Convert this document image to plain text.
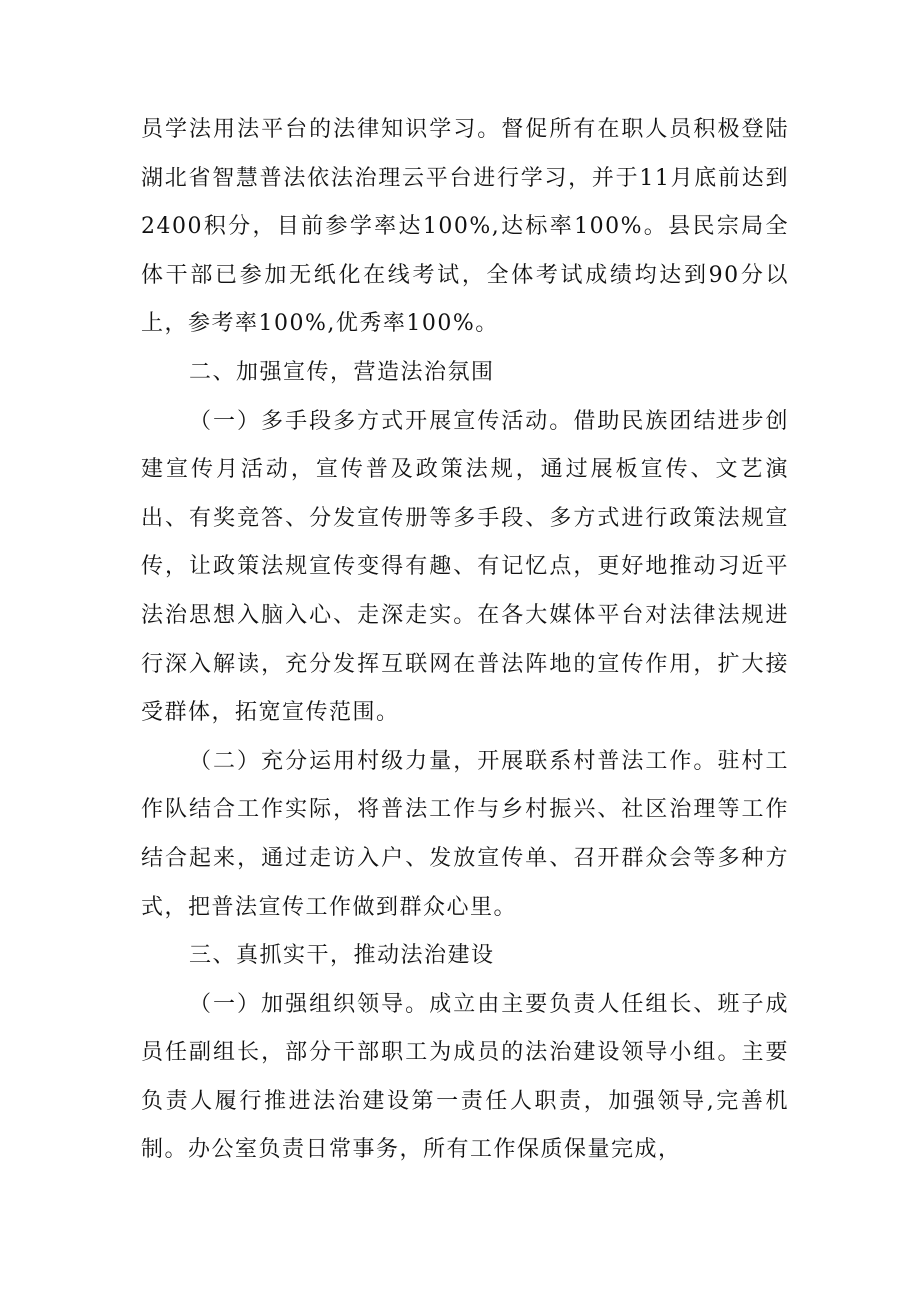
员学法用法平台的法律知识学习。督促所有在职人员积极登陆湖北省智慧普法依法治理云平台进行学习，并于11月底前达到2400积分，目前参学率达100%,达标率100%。县民宗局全体干部已参加无纸化在线考试，全体考试成绩均达到90分以上，参考率100%,优秀率100%。

二、加强宣传，营造法治氛围

（一）多手段多方式开展宣传活动。借助民族团结进步创建宣传月活动，宣传普及政策法规，通过展板宣传、文艺演出、有奖竞答、分发宣传册等多手段、多方式进行政策法规宣传，让政策法规宣传变得有趣、有记忆点，更好地推动习近平法治思想入脑入心、走深走实。在各大媒体平台对法律法规进行深入解读，充分发挥互联网在普法阵地的宣传作用，扩大接受群体，拓宽宣传范围。

（二）充分运用村级力量，开展联系村普法工作。驻村工作队结合工作实际，将普法工作与乡村振兴、社区治理等工作结合起来，通过走访入户、发放宣传单、召开群众会等多种方式，把普法宣传工作做到群众心里。

三、真抓实干，推动法治建设

（一）加强组织领导。成立由主要负责人任组长、班子成员任副组长，部分干部职工为成员的法治建设领导小组。主要负责人履行推进法治建设第一责任人职责，加强领导,完善机制。办公室负责日常事务，所有工作保质保量完成，
